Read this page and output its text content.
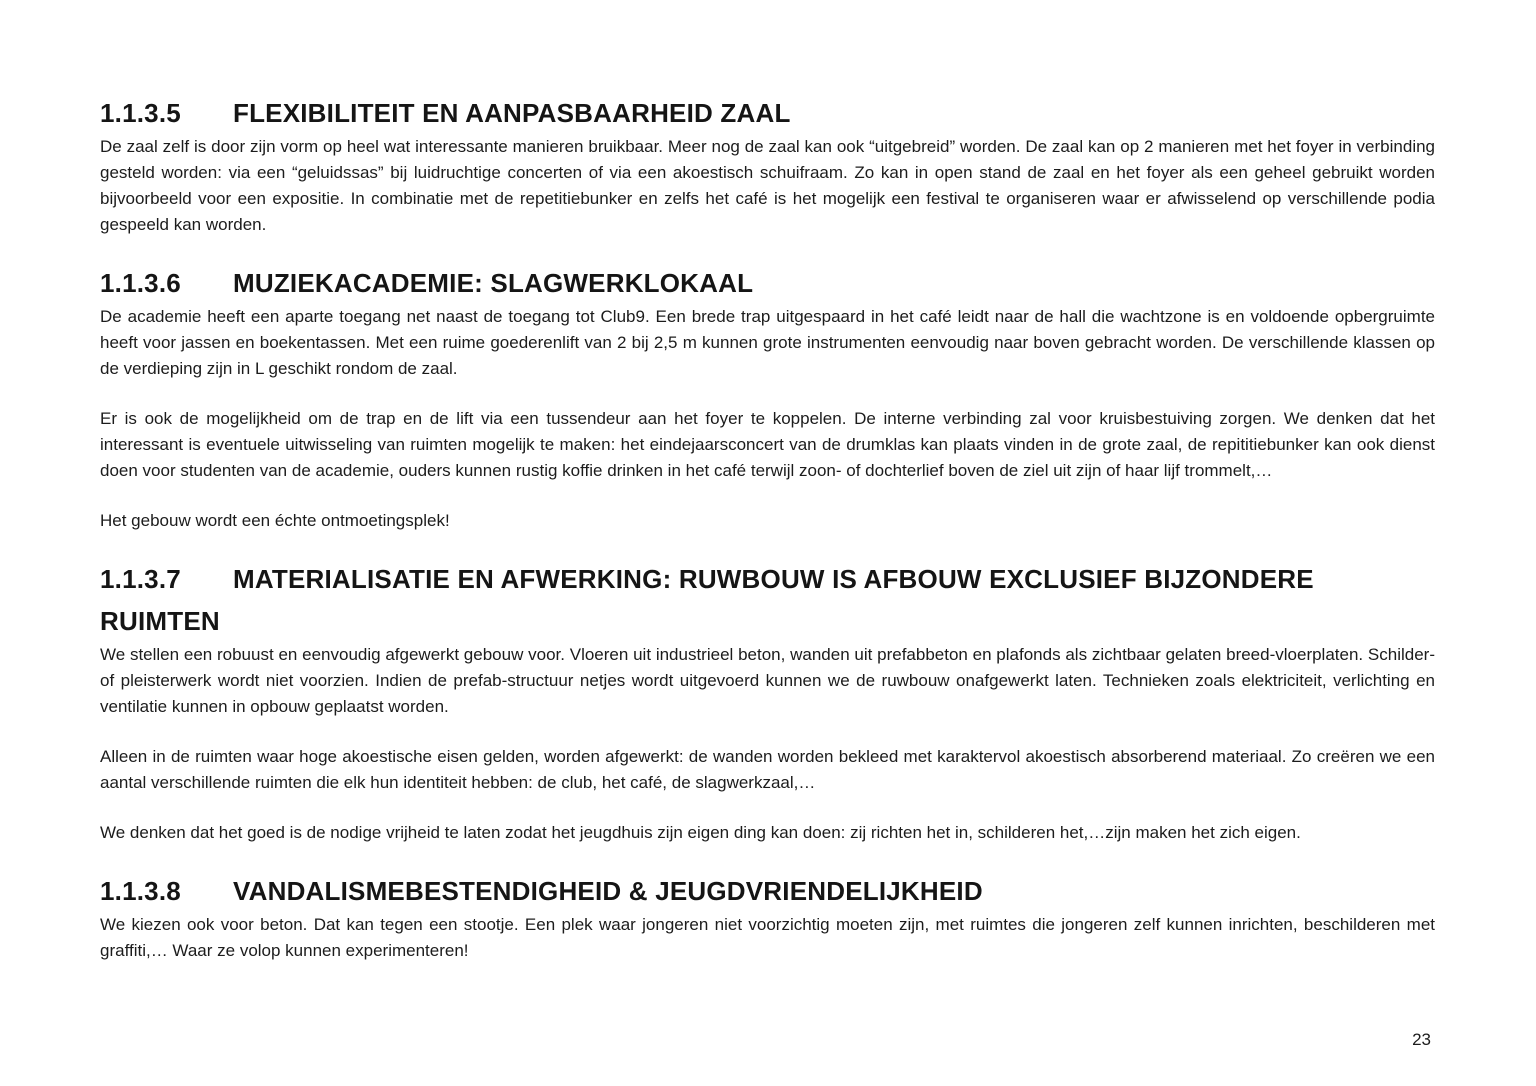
1.1.3.5 FLEXIBILITEIT EN AANPASBAARHEID ZAAL

De zaal zelf is door zijn vorm op heel wat interessante manieren bruikbaar. Meer nog de zaal kan ook “uitgebreid” worden. De zaal kan op 2 manieren met het foyer in verbinding gesteld worden: via een “geluidssas” bij luidruchtige concerten of via een akoestisch schuifraam. Zo kan in open stand de zaal en het foyer als een geheel gebruikt worden bijvoorbeeld voor een expositie. In combinatie met de repetitiebunker en zelfs het café is het mogelijk een festival te organiseren waar er afwisselend op verschillende podia gespeeld kan worden.

1.1.3.6 MUZIEKACADEMIE: SLAGWERKLOKAAL

De academie heeft een aparte toegang net naast de toegang tot Club9. Een brede trap uitgespaard in het café leidt naar de hall die wachtzone is en voldoende opbergruimte heeft voor jassen en boekentassen. Met een ruime goederenlift van 2 bij 2,5 m kunnen grote instrumenten eenvoudig naar boven gebracht worden. De verschillende klassen op de verdieping zijn in L geschikt rondom de zaal.

Er is ook de mogelijkheid om de trap en de lift via een tussendeur aan het foyer te koppelen. De interne verbinding zal voor kruisbestuiving zorgen. We denken dat het interessant is eventuele uitwisseling van ruimten mogelijk te maken: het eindejaarsconcert van de drumklas kan plaats vinden in de grote zaal, de repititiebunker kan ook dienst doen voor studenten van de academie, ouders kunnen rustig koffie drinken in het café terwijl zoon- of dochterlief boven de ziel uit zijn of haar lijf trommelt,…

Het gebouw wordt een échte ontmoetingsplek!

1.1.3.7 MATERIALISATIE EN AFWERKING: RUWBOUW IS AFBOUW EXCLUSIEF BIJZONDERE RUIMTEN

We stellen een robuust en eenvoudig afgewerkt gebouw voor. Vloeren uit industrieel beton, wanden uit prefabbeton en plafonds als zichtbaar gelaten breed-vloerplaten. Schilder- of pleisterwerk wordt niet voorzien. Indien de prefab-structuur netjes wordt uitgevoerd kunnen we de ruwbouw onafgewerkt laten. Technieken zoals elektriciteit, verlichting en ventilatie kunnen in opbouw geplaatst worden.

Alleen in de ruimten waar hoge akoestische eisen gelden, worden afgewerkt: de wanden worden bekleed met karaktervol akoestisch absorberend materiaal. Zo creëren we een aantal verschillende ruimten die elk hun identiteit hebben: de club, het café, de slagwerkzaal,…

We denken dat het goed is de nodige vrijheid te laten zodat het jeugdhuis zijn eigen ding kan doen: zij richten het in, schilderen het,…zijn maken het zich eigen.

1.1.3.8 VANDALISMEBESTENDIGHEID & JEUGDVRIENDELIJKHEID

We kiezen ook voor beton. Dat kan tegen een stootje. Een plek waar jongeren niet voorzichtig moeten zijn, met ruimtes die jongeren zelf kunnen inrichten, beschilderen met graffiti,… Waar ze volop kunnen experimenteren!

23
